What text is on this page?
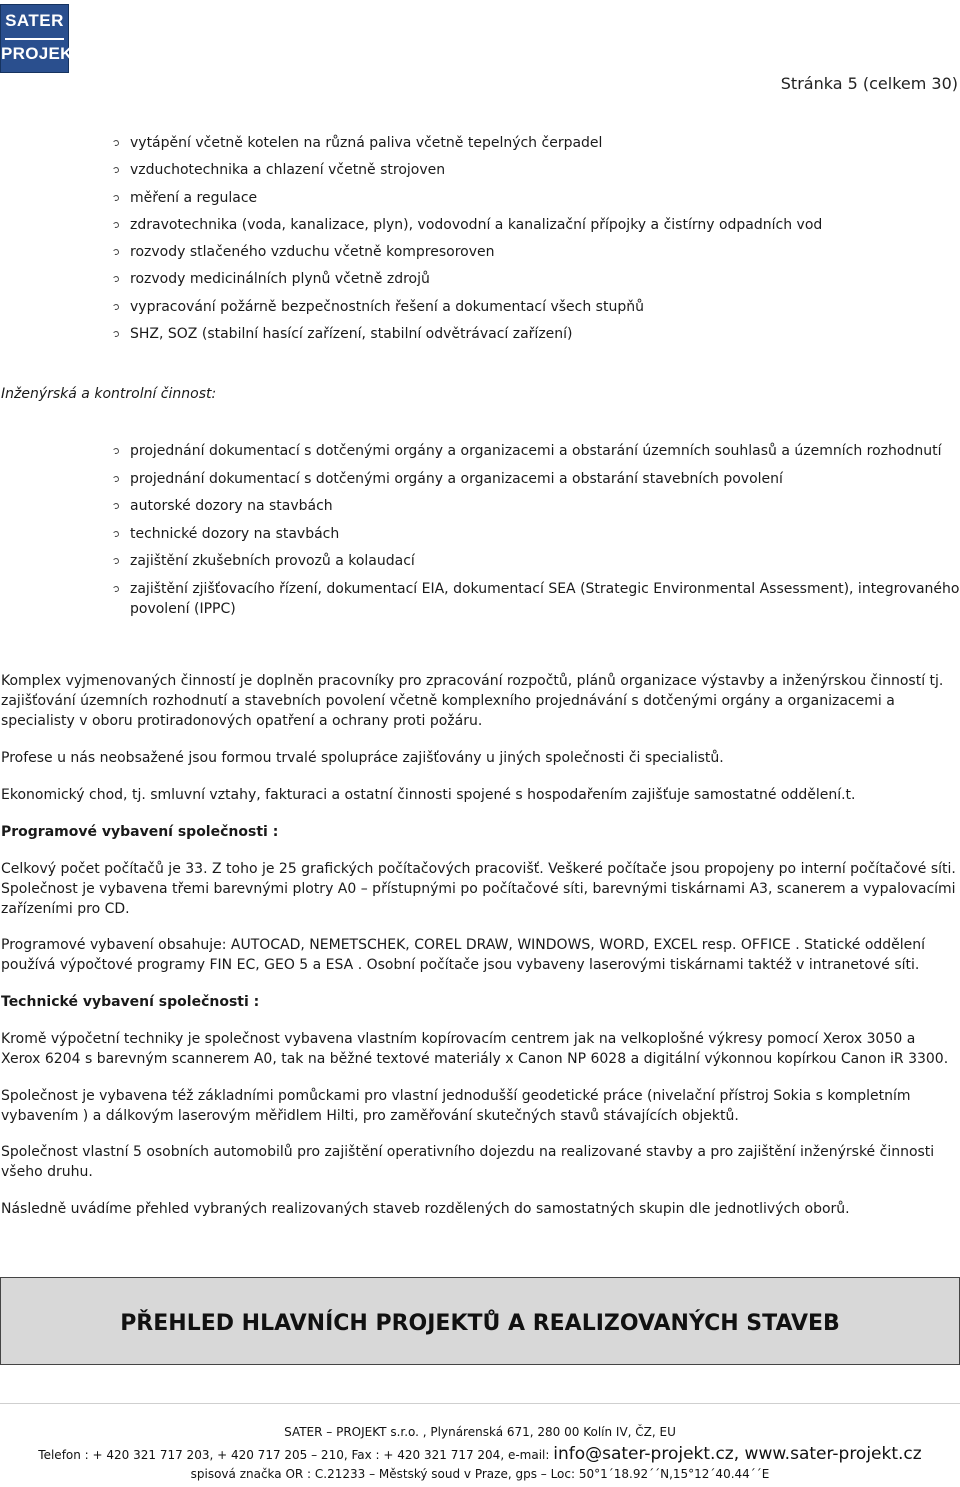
SATER
PROJEKT
Stránka 5 (celkem 30)
vytápění včetně kotelen na různá paliva včetně tepelných čerpadel
vzduchotechnika a chlazení včetně strojoven
měření a regulace
zdravotechnika (voda, kanalizace, plyn), vodovodní a kanalizační přípojky a čistírny odpadních vod
rozvody stlačeného vzduchu včetně kompresoroven
rozvody medicinálních plynů včetně zdrojů
vypracování požárně bezpečnostních řešení a dokumentací všech stupňů
SHZ, SOZ (stabilní hasící zařízení, stabilní odvětrávací zařízení)
Inženýrská a kontrolní činnost:
projednání dokumentací s dotčenými orgány a organizacemi a obstarání územních souhlasů a územních rozhodnutí
projednání dokumentací s dotčenými orgány a organizacemi a obstarání stavebních povolení
autorské dozory na stavbách
technické dozory na stavbách
zajištění zkušebních provozů a kolaudací
zajištění zjišťovacího řízení, dokumentací EIA, dokumentací SEA (Strategic Environmental Assessment), integrovaného povolení (IPPC)

Komplex vyjmenovaných činností je doplněn pracovníky pro zpracování rozpočtů, plánů organizace výstavby a inženýrskou činností tj. zajišťování územních rozhodnutí a stavebních povolení včetně komplexního projednávání s dotčenými orgány a organizacemi a specialisty v oboru protiradonových opatření a ochrany proti požáru.

Profese u nás neobsažené jsou formou trvalé spolupráce zajišťovány u jiných společnosti či specialistů.

Ekonomický chod, tj. smluvní vztahy, fakturaci a ostatní činnosti spojené s hospodařením zajišťuje samostatné oddělení.t.

Programové vybavení společnosti :

Celkový počet počítačů je 33. Z toho je 25 grafických počítačových pracovišť. Veškeré počítače jsou propojeny po interní počítačové síti. Společnost je vybavena třemi barevnými plotry A0 – přístupnými po počítačové síti, barevnými tiskárnami A3, scanerem a vypalovacími zařízeními pro CD.

Programové vybavení obsahuje: AUTOCAD, NEMETSCHEK, COREL DRAW, WINDOWS, WORD, EXCEL resp. OFFICE . Statické oddělení používá výpočtové programy FIN EC, GEO 5 a ESA . Osobní počítače jsou vybaveny laserovými tiskárnami taktéž v intranetové síti.

Technické vybavení společnosti :

Kromě výpočetní techniky je společnost vybavena vlastním kopírovacím centrem jak na velkoplošné výkresy pomocí Xerox 3050 a Xerox 6204 s barevným scannerem A0, tak na běžné textové materiály x Canon NP 6028 a digitální výkonnou kopírkou Canon iR 3300.

Společnost je vybavena též základními pomůckami pro vlastní jednodušší geodetické práce (nivelační přístroj Sokia s kompletním vybavením ) a dálkovým laserovým měřidlem Hilti, pro zaměřování skutečných stavů stávajících objektů.

Společnost vlastní 5 osobních automobilů pro zajištění operativního dojezdu na realizované stavby a pro zajištění inženýrské činnosti všeho druhu.

Následně uvádíme přehled vybraných realizovaných staveb rozdělených do samostatných skupin dle jednotlivých oborů.

PŘEHLED HLAVNÍCH PROJEKTŮ A REALIZOVANÝCH STAVEB
SATER – PROJEKT s.r.o. , Plynárenská 671, 280 00 Kolín IV, ČZ, EU
Telefon : + 420 321 717 203, + 420 717 205 – 210, Fax : + 420 321 717 204, e-mail: info@sater-projekt.cz, www.sater-projekt.cz
spisová značka OR : C.21233 – Městský soud v Praze, gps – Loc: 50°1´18.92´´N,15°12´40.44´´E
